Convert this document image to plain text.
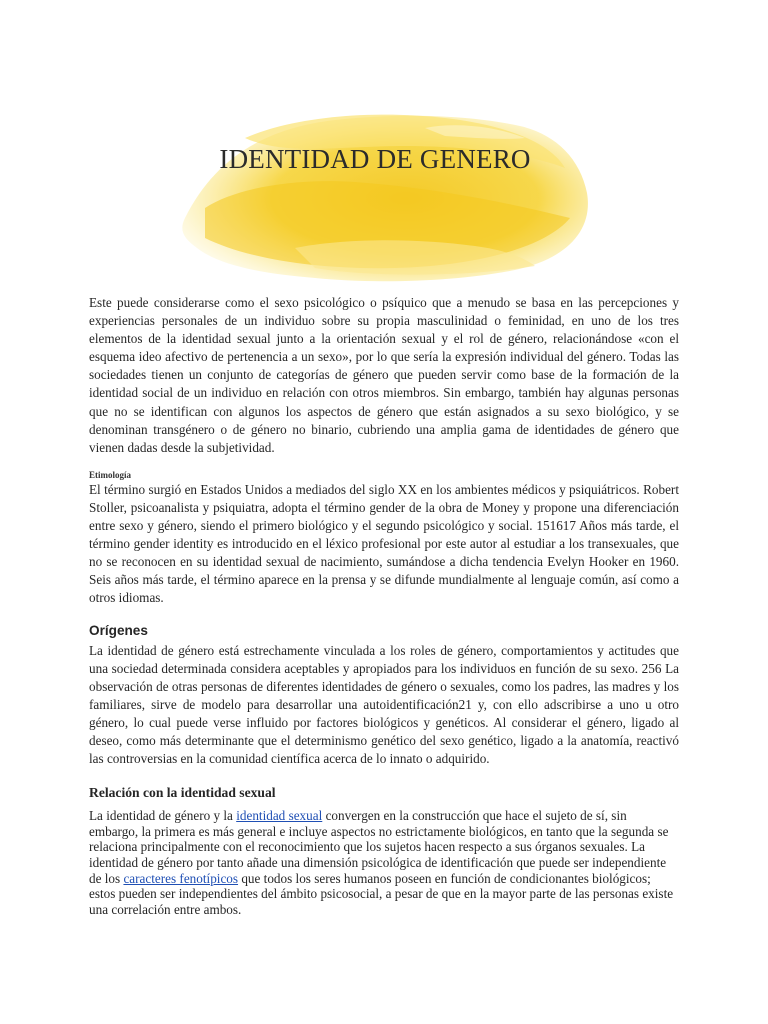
IDENTIDAD DE GENERO

Este puede considerarse como el sexo psicológico o psíquico que a menudo se basa en las percepciones y experiencias personales de un individuo sobre su propia masculinidad o feminidad, en uno de los tres elementos de la identidad sexual junto a la orientación sexual y el rol de género, relacionándose «con el esquema ideo afectivo de pertenencia a un sexo», por lo que sería la expresión individual del género. Todas las sociedades tienen un conjunto de categorías de género que pueden servir como base de la formación de la identidad social de un individuo en relación con otros miembros. Sin embargo, también hay algunas personas que no se identifican con algunos los aspectos de género que están asignados a su sexo biológico, y se denominan transgénero o de género no binario, cubriendo una amplia gama de identidades de género que vienen dadas desde la subjetividad.

Etimología

El término surgió en Estados Unidos a mediados del siglo XX en los ambientes médicos y psiquiátricos. Robert Stoller, psicoanalista y psiquiatra, adopta el término gender de la obra de Money y propone una diferenciación entre sexo y género, siendo el primero biológico y el segundo psicológico y social. 151617 Años más tarde, el término gender identity es introducido en el léxico profesional por este autor al estudiar a los transexuales, que no se reconocen en su identidad sexual de nacimiento, sumándose a dicha tendencia Evelyn Hooker en 1960. Seis años más tarde, el término aparece en la prensa y se difunde mundialmente al lenguaje común, así como a otros idiomas.

Orígenes

La identidad de género está estrechamente vinculada a los roles de género, comportamientos y actitudes que una sociedad determinada considera aceptables y apropiados para los individuos en función de su sexo. 256 La observación de otras personas de diferentes identidades de género o sexuales, como los padres, las madres y los familiares, sirve de modelo para desarrollar una autoidentificación21 y, con ello adscribirse a uno u otro género, lo cual puede verse influido por factores biológicos y genéticos. Al considerar el género, ligado al deseo, como más determinante que el determinismo genético del sexo genético, ligado a la anatomía, reactivó las controversias en la comunidad científica acerca de lo innato o adquirido.

Relación con la identidad sexual

La identidad de género y la identidad sexual convergen en la construcción que hace el sujeto de sí, sin embargo, la primera es más general e incluye aspectos no estrictamente biológicos, en tanto que la segunda se relaciona principalmente con el reconocimiento que los sujetos hacen respecto a sus órganos sexuales. La identidad de género por tanto añade una dimensión psicológica de identificación que puede ser independiente de los caracteres fenotípicos que todos los seres humanos poseen en función de condicionantes biológicos; estos pueden ser independientes del ámbito psicosocial, a pesar de que en la mayor parte de las personas existe una correlación entre ambos.
